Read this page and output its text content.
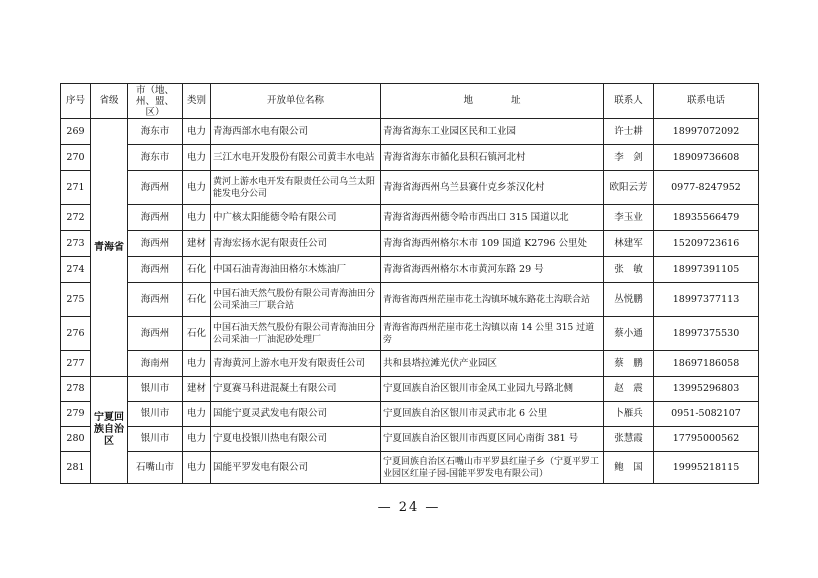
序号	省级	市（地、州、盟、区）	类别	开放单位名称	地　　　　址	联系人	联系电话
269	青海省	海东市	电力	青海西部水电有限公司	青海省海东工业园区民和工业园	许士耕	18997072092
270		海东市	电力	三江水电开发股份有限公司黄丰水电站	青海省海东市循化县积石镇河北村	李　剑	18909736608
271		海西州	电力	黄河上游水电开发有限责任公司乌兰太阳能发电分公司	青海省海西州乌兰县赛什克乡茶汉化村	欧阳云芳	0977-8247952
272		海西州	电力	中广核太阳能德令哈有限公司	青海省海西州德令哈市西出口 315 国道以北	李玉业	18935566479
273		海西州	建材	青海宏扬水泥有限责任公司	青海省海西州格尔木市 109 国道 K2796 公里处	林建军	15209723616
274		海西州	石化	中国石油青海油田格尔木炼油厂	青海省海西州格尔木市黄河东路 29 号	张　敏	18997391105
275		海西州	石化	中国石油天然气股份有限公司青海油田分公司采油三厂联合站	青海省海西州茫崖市花土沟镇环城东路花土沟联合站	丛悦鹏	18997377113
276		海西州	石化	中国石油天然气股份有限公司青海油田分公司采油一厂油泥砂处理厂	青海省海西州茫崖市花土沟镇以南 14 公里 315 过道旁	蔡小通	18997375530
277		海南州	电力	青海黄河上游水电开发有限责任公司	共和县塔拉滩光伏产业园区	蔡　鹏	18697186058
278	宁夏回族自治区	银川市	建材	宁夏赛马科进混凝土有限公司	宁夏回族自治区银川市金凤工业园九号路北侧	赵　震	13995296803
279		银川市	电力	国能宁夏灵武发电有限公司	宁夏回族自治区银川市灵武市北 6 公里	卜雁兵	0951-5082107
280		银川市	电力	宁夏电投银川热电有限公司	宁夏回族自治区银川市西夏区同心南街 381 号	张慧霞	17795000562
281		石嘴山市	电力	国能平罗发电有限公司	宁夏回族自治区石嘴山市平罗县红崖子乡（宁夏平罗工业园区红崖子园-国能平罗发电有限公司）	鲍　国	19995218115
— 24 —
